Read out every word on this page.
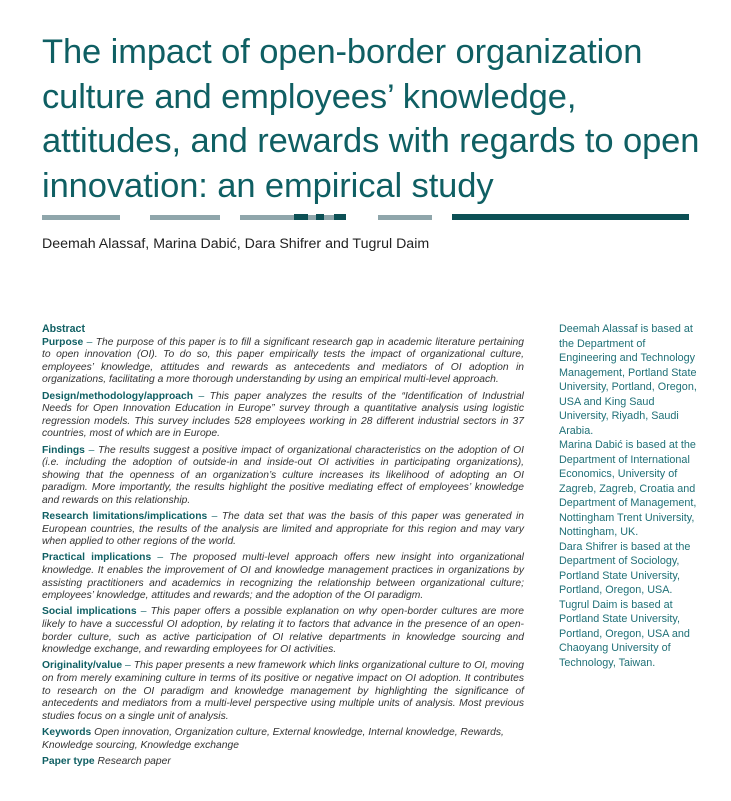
The impact of open-border organization culture and employees’ knowledge, attitudes, and rewards with regards to open innovation: an empirical study
Deemah Alassaf, Marina Dabić, Dara Shifrer and Tugrul Daim
Abstract

Purpose – The purpose of this paper is to fill a significant research gap in academic literature pertaining to open innovation (OI). To do so, this paper empirically tests the impact of organizational culture, employees’ knowledge, attitudes and rewards as antecedents and mediators of OI adoption in organizations, facilitating a more thorough understanding by using an empirical multi-level approach.

Design/methodology/approach – This paper analyzes the results of the “Identification of Industrial Needs for Open Innovation Education in Europe” survey through a quantitative analysis using logistic regression models. This survey includes 528 employees working in 28 different industrial sectors in 37 countries, most of which are in Europe.

Findings – The results suggest a positive impact of organizational characteristics on the adoption of OI (i.e. including the adoption of outside-in and inside-out OI activities in participating organizations), showing that the openness of an organization’s culture increases its likelihood of adopting an OI paradigm. More importantly, the results highlight the positive mediating effect of employees’ knowledge and rewards on this relationship.

Research limitations/implications – The data set that was the basis of this paper was generated in European countries, the results of the analysis are limited and appropriate for this region and may vary when applied to other regions of the world.

Practical implications – The proposed multi-level approach offers new insight into organizational knowledge. It enables the improvement of OI and knowledge management practices in organizations by assisting practitioners and academics in recognizing the relationship between organizational culture; employees’ knowledge, attitudes and rewards; and the adoption of the OI paradigm.

Social implications – This paper offers a possible explanation on why open-border cultures are more likely to have a successful OI adoption, by relating it to factors that advance in the presence of an open-border culture, such as active participation of OI relative departments in knowledge sourcing and knowledge exchange, and rewarding employees for OI activities.

Originality/value – This paper presents a new framework which links organizational culture to OI, moving on from merely examining culture in terms of its positive or negative impact on OI adoption. It contributes to research on the OI paradigm and knowledge management by highlighting the significance of antecedents and mediators from a multi-level perspective using multiple units of analysis. Most previous studies focus on a single unit of analysis.

Keywords Open innovation, Organization culture, External knowledge, Internal knowledge, Rewards, Knowledge sourcing, Knowledge exchange

Paper type Research paper

Deemah Alassaf is based at the Department of Engineering and Technology Management, Portland State University, Portland, Oregon, USA and King Saud University, Riyadh, Saudi Arabia.

Marina Dabić is based at the Department of International Economics, University of Zagreb, Zagreb, Croatia and Department of Management, Nottingham Trent University, Nottingham, UK.

Dara Shifrer is based at the Department of Sociology, Portland State University, Portland, Oregon, USA.

Tugrul Daim is based at Portland State University, Portland, Oregon, USA and Chaoyang University of Technology, Taiwan.
